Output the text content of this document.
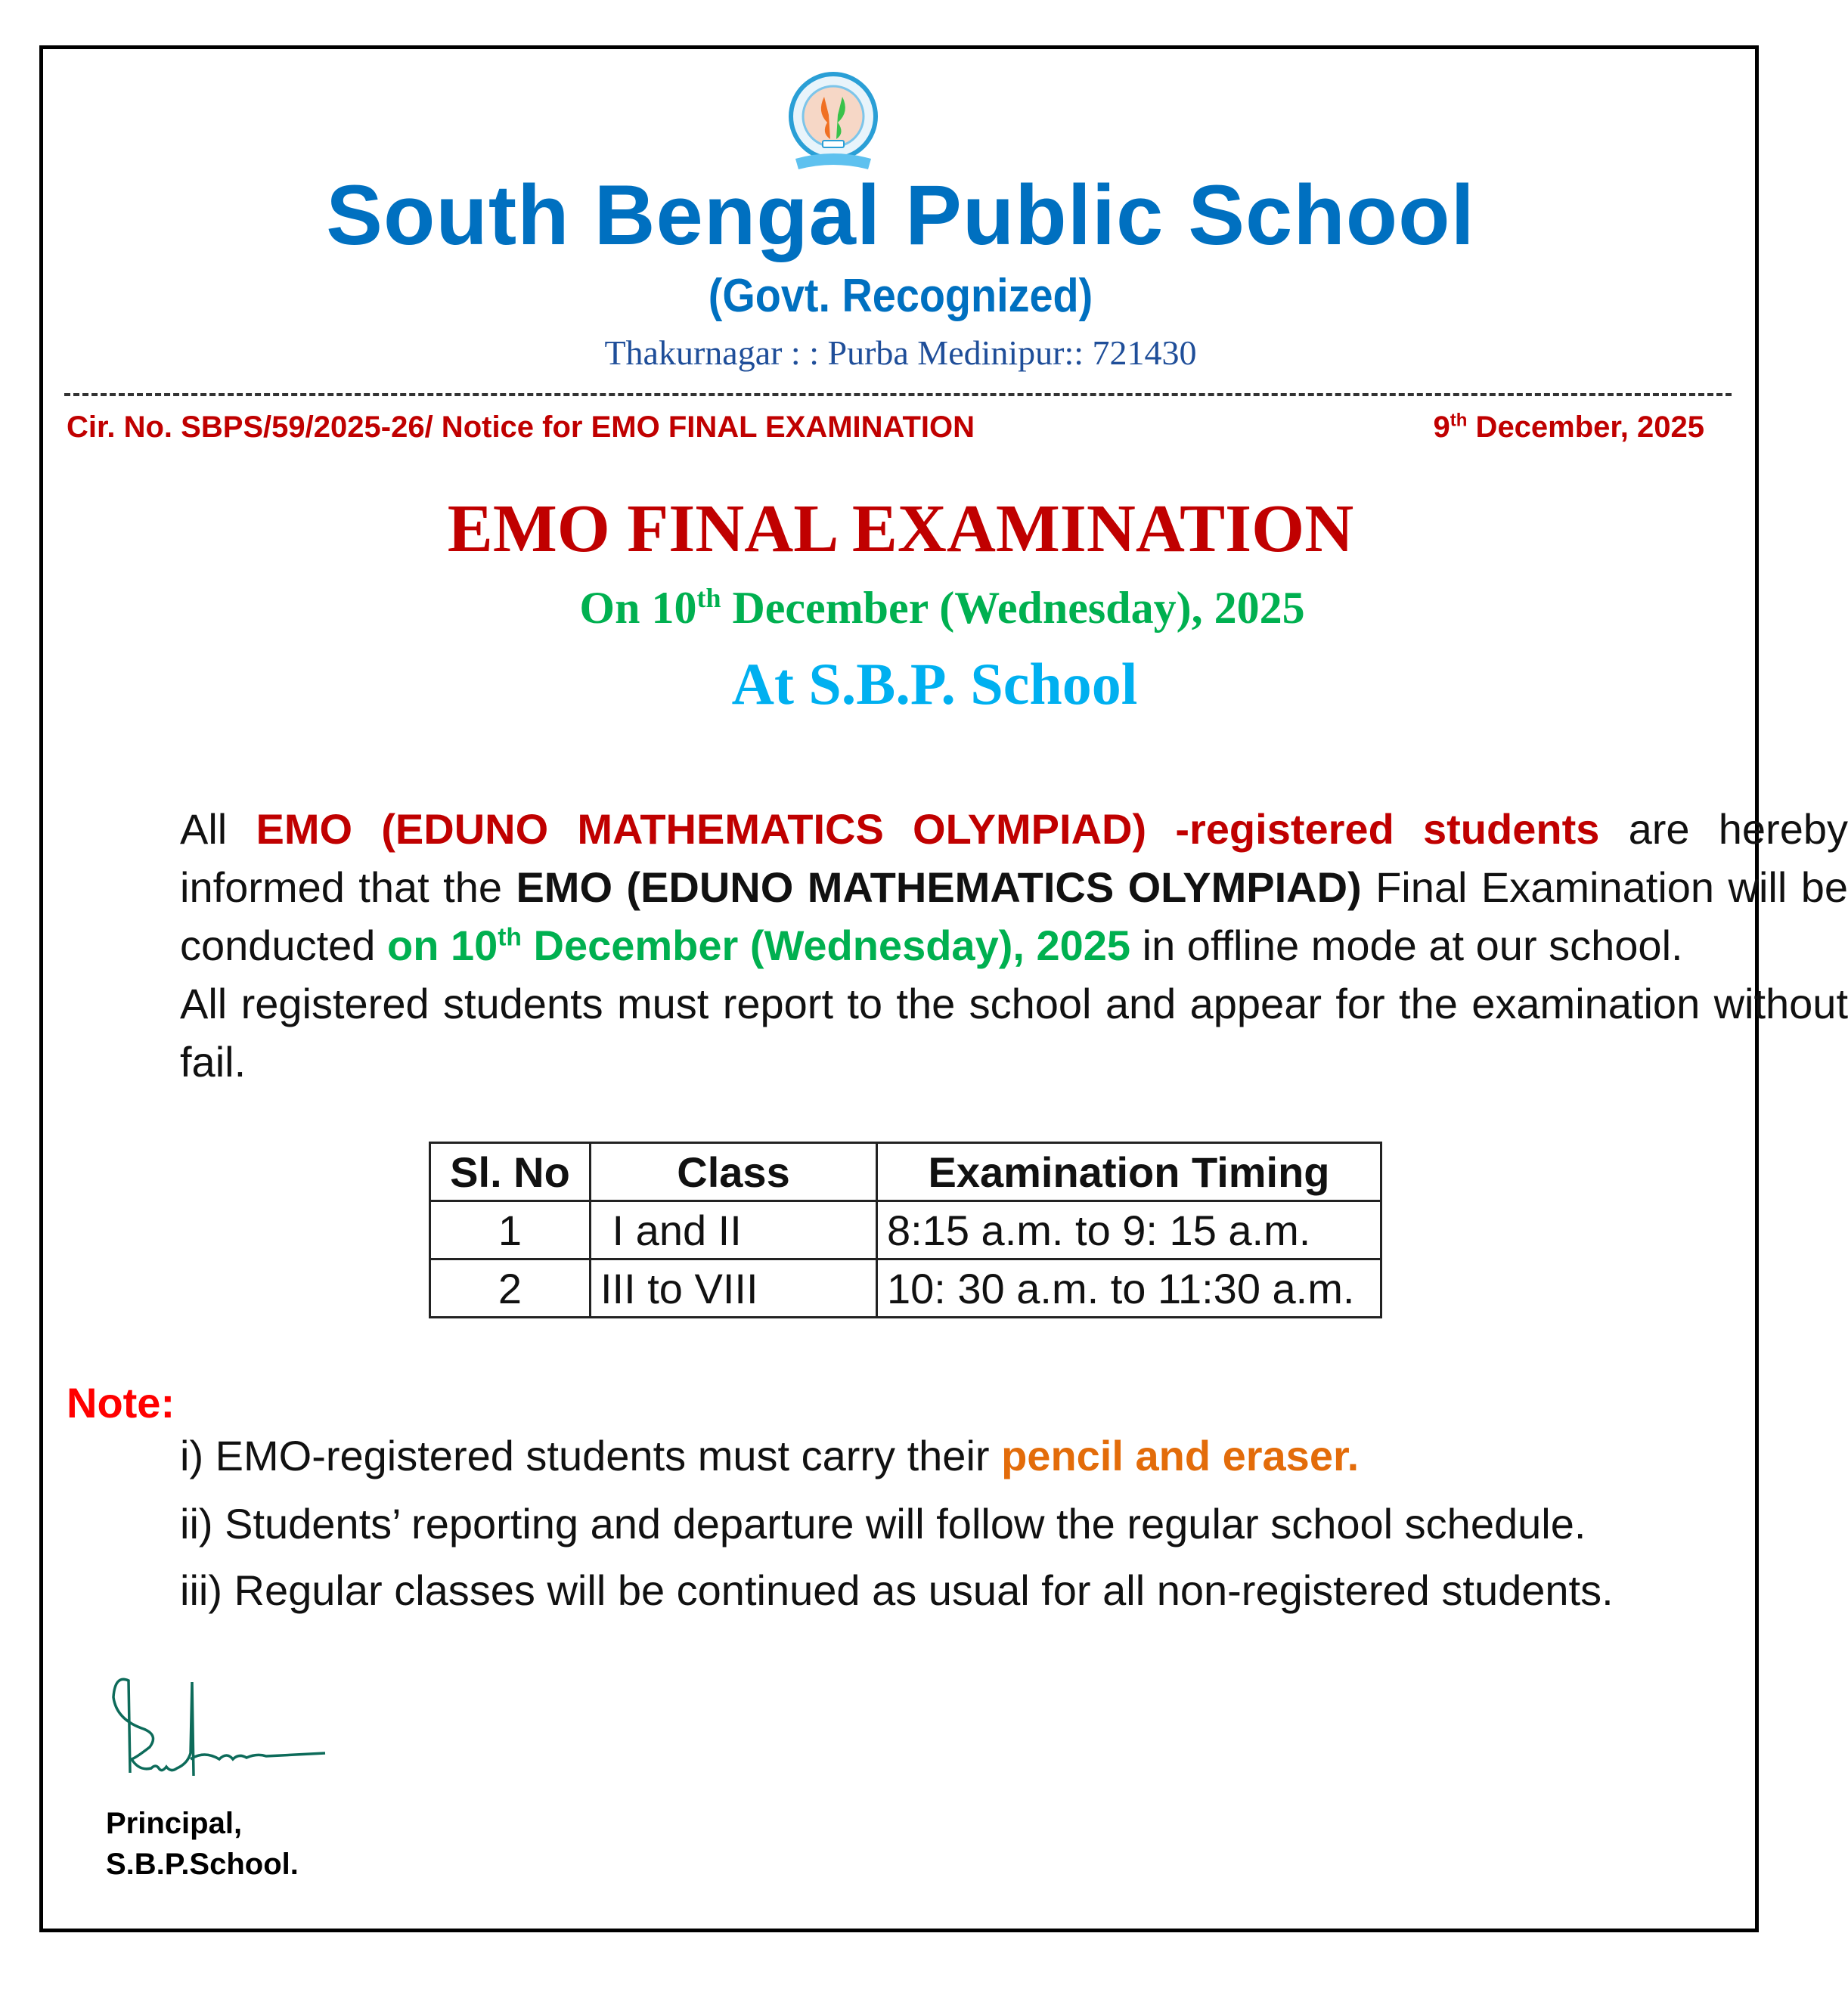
South Bengal Public School
(Govt. Recognized)
Thakurnagar : : Purba Medinipur:: 721430
Cir. No. SBPS/59/2025-26/ Notice for EMO FINAL EXAMINATION	9th December, 2025
EMO FINAL EXAMINATION
On 10th December (Wednesday), 2025
At S.B.P. School
All EMO (EDUNO MATHEMATICS OLYMPIAD) -registered students are hereby informed that the EMO (EDUNO MATHEMATICS OLYMPIAD) Final Examination will be conducted on 10th December (Wednesday), 2025 in offline mode at our school.
All registered students must report to the school and appear for the examination without fail.
Sl. No	Class	Examination Timing
1	I and II	8:15 a.m. to 9: 15 a.m.
2	III to VIII	10: 30 a.m. to 11:30 a.m.
Note:
i) EMO-registered students must carry their pencil and eraser.
ii) Students’ reporting and departure will follow the regular school schedule.
iii) Regular classes will be continued as usual for all non-registered students.
Principal,
S.B.P.School.
